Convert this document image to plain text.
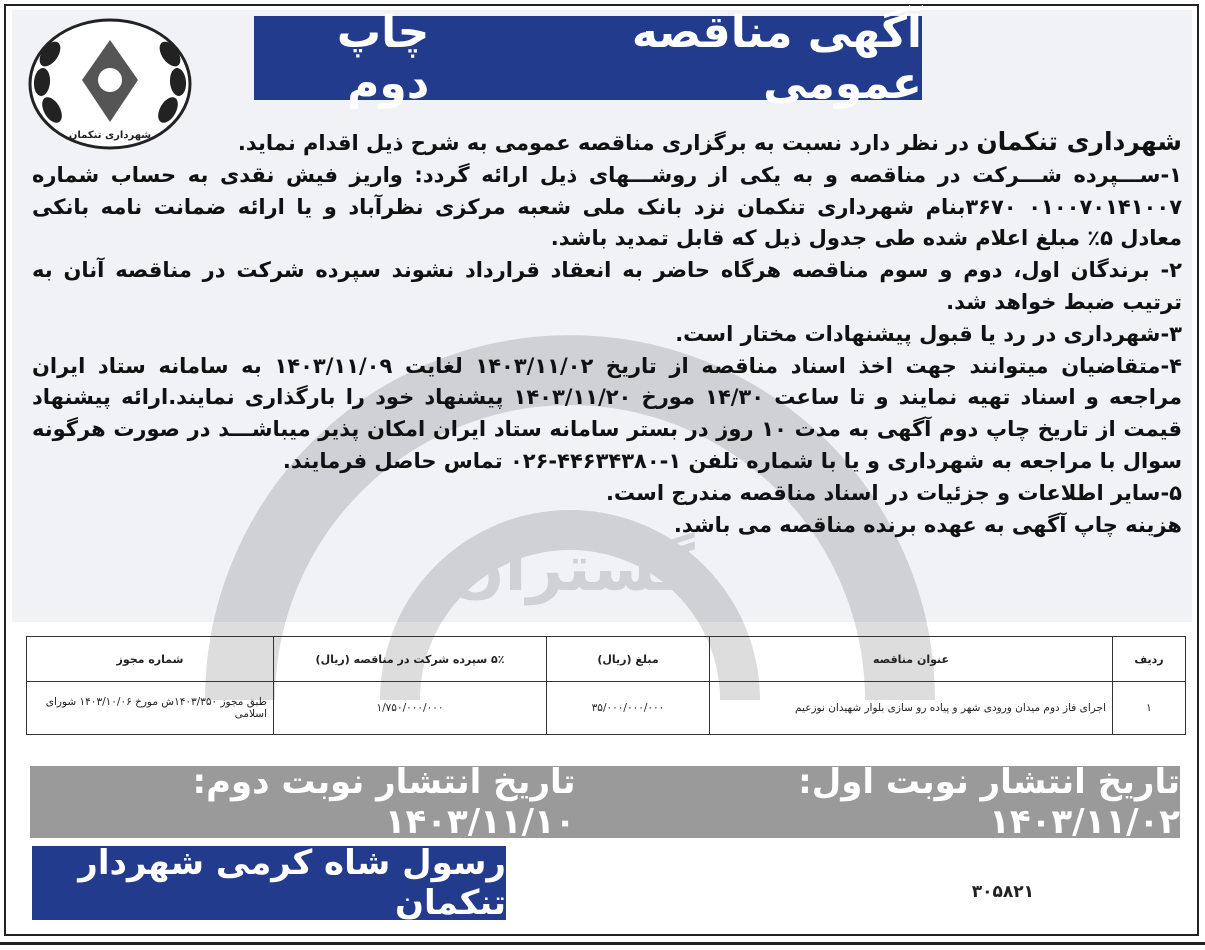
گستران
شهرداری تنکمان
آگهی مناقصه عمومی
چاپ دوم

شهرداری تنکمان در نظر دارد نسبت به برگزاری مناقصه عمومی به شرح ذیل اقدام نماید.

۱-ســـپرده شـــرکت در مناقصه و به یکی از روشـــهای ذیل ارائه گردد: واریز فیش نقدی به حساب شماره ۰۱۰۰۷۰۱۴۱۰۰۷ ۳۶۷۰بنام شهرداری تنکمان نزد بانک ملی شعبه مرکزی نظرآباد و یا ارائه ضمانت نامه بانکی معادل ۵٪ مبلغ اعلام شده طی جدول ذیل که قابل تمدید باشد.

۲- برندگان اول، دوم و سوم مناقصه هرگاه حاضر به انعقاد قرارداد نشوند سپرده شرکت در مناقصه آنان به ترتیب ضبط خواهد شد.

۳-شهرداری در رد یا قبول پیشنهادات مختار است.

۴-متقاضیان میتوانند جهت اخذ اسناد مناقصه از تاریخ ۱۴۰۳/۱۱/۰۲ لغایت ۱۴۰۳/۱۱/۰۹ به سامانه ستاد ایران مراجعه و اسناد تهیه نمایند و تا ساعت ۱۴/۳۰ مورخ ۱۴۰۳/۱۱/۲۰ پیشنهاد خود را بارگذاری نمایند.ارائه پیشنهاد قیمت از تاریخ چاپ دوم آگهی به مدت ۱۰ روز در بستر سامانه ستاد ایران امکان پذیر میباشـــد در صورت هرگونه سوال با مراجعه به شهرداری و یا با شماره تلفن ۱-۴۴۶۳۴۳۸۰-۰۲۶ تماس حاصل فرمایند.

۵-سایر اطلاعات و جزئیات در اسناد مناقصه مندرج است.

هزینه چاپ آگهی به عهده برنده مناقصه می باشد.

ردیف	عنوان مناقصه	مبلغ (ریال)	۵٪ سپرده شرکت در مناقصه (ریال)	شماره مجوز
۱	اجرای فاز دوم میدان ورودی شهر و پیاده رو سازی بلوار شهیدان نوزعیم	۳۵/۰۰۰/۰۰۰/۰۰۰	۱/۷۵۰/۰۰۰/۰۰۰	طبق مجوز ۱۴۰۳/۳۵۰ش مورخ ۱۴۰۳/۱۰/۰۶ شورای اسلامی
تاریخ انتشار نوبت اول: ۱۴۰۳/۱۱/۰۲
تاریخ انتشار نوبت دوم: ۱۴۰۳/۱۱/۱۰
رسول شاه کرمی شهردار تنکمان	۳۰۵۸۲۱
